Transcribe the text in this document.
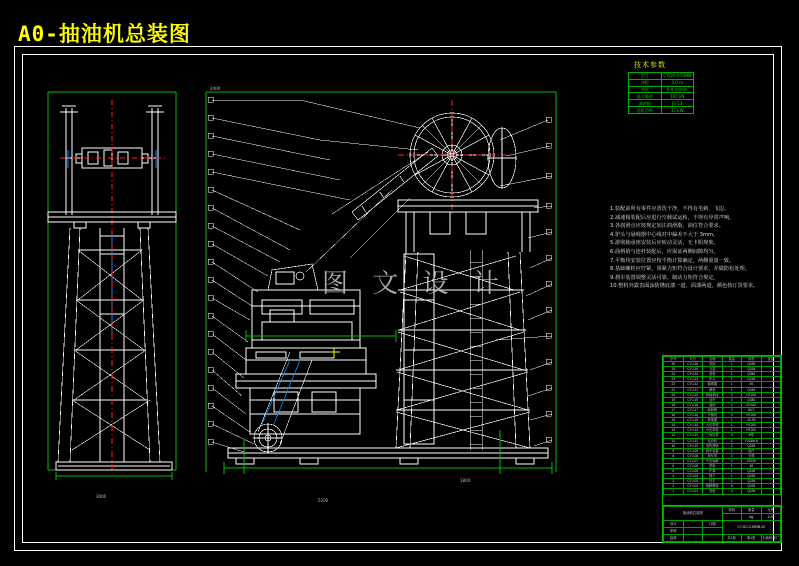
A0-抽油机总装图
图 文 设 计
技术参数
型号	CYJ10-3-53HB
冲程	3.0 m
冲次	6-9 次/min
最大载荷	100 kN
减速箱	JS-53
电机功率	37 kW
1.装配前所有零件应清洗干净，不得有毛刺、飞边。
2.减速箱装配后应进行空载试运转，不得有异常声响。
3.各润滑点应按规定加注润滑脂，油位符合要求。
4.驴头与悬绳器中心线对中偏差不大于 3mm。
5.游梁轴承座安装后应转动灵活，无卡阻现象。
6.曲柄销与连杆装配后，应保证两侧间隙均匀。
7.平衡块安装位置应按平衡计算确定，两侧重量一致。
8.基础螺栓应拧紧，预紧力矩符合设计要求，并做防松处理。
9.刹车装置调整灵活可靠，制动力矩符合规定。
10.整机外露表面涂防锈底漆一道，面漆两道，颜色按订货要求。
序号	代号	名称	数量	材料	备注
26	CYJ-26	底座	1	Q235	
25	CYJ-25	支架	1	Q235	
24	CYJ-24	游梁	1	Q345	
23	CYJ-23	驴头	1	Q235	
22	CYJ-22	悬绳器	1	45	
21	CYJ-21	横梁	1	Q345	
20	CYJ-20	尾轴承座	2	HT200	
19	CYJ-19	连杆	2	Q345	
18	CYJ-18	曲柄	2	ZG310	
17	CYJ-17	曲柄销	2	40Cr	
16	CYJ-16	平衡块	4	HT200	
15	CYJ-15	减速器	1	JS-53	
14	CYJ-14	大皮带轮	1	HT200	
13	CYJ-13	小皮带轮	1	HT200	
12	CYJ-12	三角皮带	4	B型	
11	CYJ-11	电动机	1	Y225M-6	
10	CYJ-10	电机滑轨	2	Q235	
9	CYJ-09	刹车装置	1	组件	
8	CYJ-08	刹车带	2	石棉	
7	CYJ-07	中央轴承	2	22226	
6	CYJ-06	尾轴	1	45	
5	CYJ-05	护罩	1	Q235	
4	CYJ-04	梯子	1	Q235	
3	CYJ-03	扶手	1	Q235	
2	CYJ-02	地脚螺栓	8	Q235	
1	CYJ-01	垫板	4	Q235	
抽油机总装图			材料	重量	比例
				kg	1:20
设计		日期	CYJ10-3-53HB-00		
审核					
批准			共1张	第1张	石油机械厂
3000
5200
1800
2400
